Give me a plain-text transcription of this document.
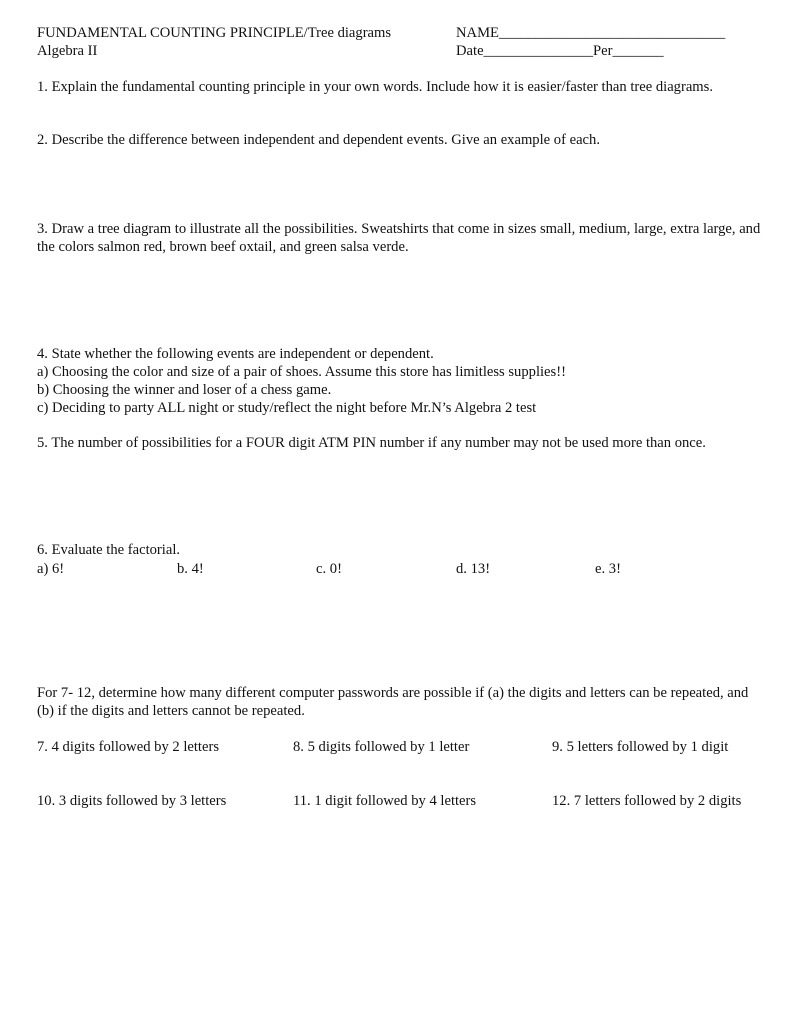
FUNDAMENTAL COUNTING PRINCIPLE/Tree diagrams
Algebra II
NAME_______________________________
Date_______________Per_______
1. Explain the fundamental counting principle in your own words. Include how it is easier/faster than tree diagrams.
2. Describe the difference between independent and dependent events. Give an example of each.
3. Draw a tree diagram to illustrate all the possibilities. Sweatshirts that come in sizes small, medium, large, extra large, and the colors salmon red, brown beef oxtail, and green salsa verde.
4. State whether the following events are independent or dependent.
a) Choosing the color and size of a pair of shoes. Assume this store has limitless supplies!!
b) Choosing the winner and loser of a chess game.
c) Deciding to party ALL night or study/reflect the night before Mr.N’s Algebra 2 test
5. The number of possibilities for a FOUR digit ATM PIN number if any number may not be used more than once.
6. Evaluate the factorial.
a) 6!	b. 4!	c. 0!	d. 13!	e. 3!
For 7- 12, determine how many different computer passwords are possible if (a) the digits and letters can be repeated, and (b) if the digits and letters cannot be repeated.
7. 4 digits followed by 2 letters	8. 5 digits followed by 1 letter	9. 5 letters followed by 1 digit
10. 3 digits followed by 3 letters	11. 1 digit followed by 4 letters	12. 7 letters followed by 2 digits
